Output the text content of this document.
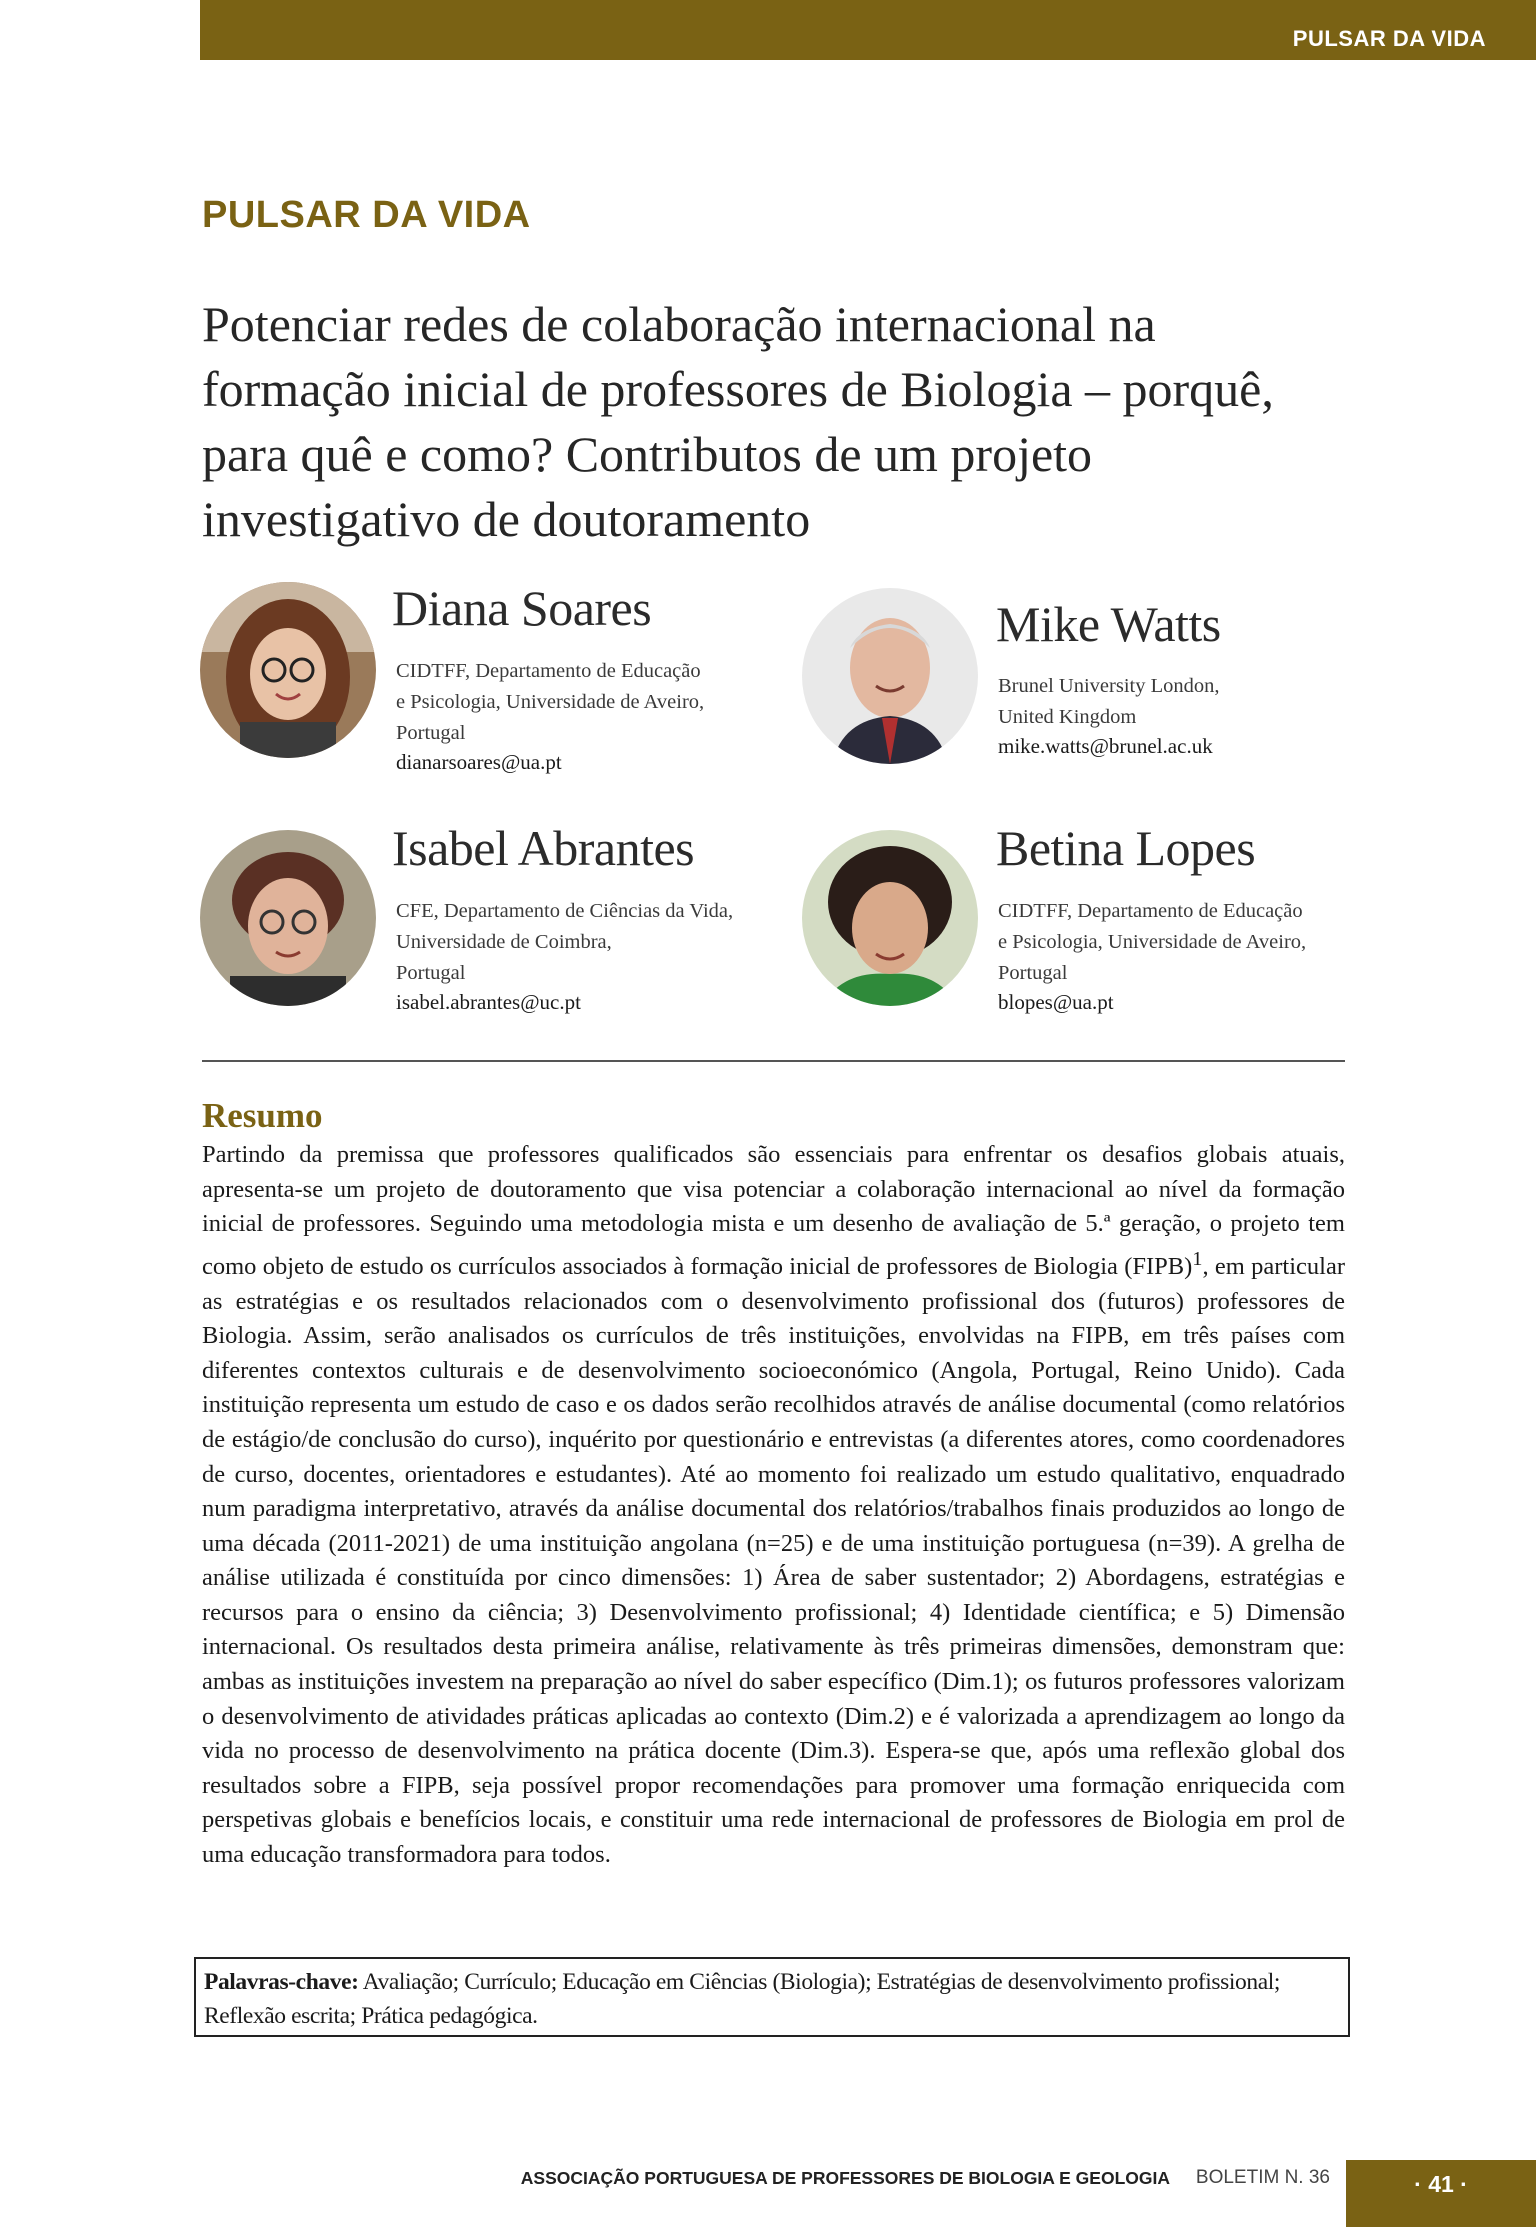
PULSAR DA VIDA
PULSAR DA VIDA
Potenciar redes de colaboração internacional na formação inicial de professores de Biologia – porquê, para quê e como? Contributos de um projeto investigativo de doutoramento
Diana Soares
CIDTFF, Departamento de Educação
e Psicologia, Universidade de Aveiro,
Portugal
dianarsoares@ua.pt
Mike Watts
Brunel University London,
United Kingdom
mike.watts@brunel.ac.uk
Isabel Abrantes
CFE, Departamento de Ciências da Vida,
Universidade de Coimbra,
Portugal
isabel.abrantes@uc.pt
Betina Lopes
CIDTFF, Departamento de Educação
e Psicologia, Universidade de Aveiro,
Portugal
blopes@ua.pt
Resumo

Partindo da premissa que professores qualificados são essenciais para enfrentar os desafios globais atuais, apresenta-se um projeto de doutoramento que visa potenciar a colaboração internacional ao nível da formação inicial de professores. Seguindo uma metodologia mista e um desenho de avaliação de 5.ª geração, o projeto tem como objeto de estudo os currículos associados à formação inicial de professores de Biologia (FIPB)$^1$, em particular as estratégias e os resultados relacionados com o desenvolvimento profissional dos (futuros) professores de Biologia. Assim, serão analisados os currículos de três instituições, envolvidas na FIPB, em três países com diferentes contextos culturais e de desenvolvimento socioeconómico (Angola, Portugal, Reino Unido). Cada instituição representa um estudo de caso e os dados serão recolhidos através de análise documental (como relatórios de estágio/de conclusão do curso), inquérito por questionário e entrevistas (a diferentes atores, como coordenadores de curso, docentes, orientadores e estudantes). Até ao momento foi realizado um estudo qualitativo, enquadrado num paradigma interpretativo, através da análise documental dos relatórios/trabalhos finais produzidos ao longo de uma década (2011-2021) de uma instituição angolana (n=25) e de uma instituição portuguesa (n=39). A grelha de análise utilizada é constituída por cinco dimensões: 1) Área de saber sustentador; 2) Abordagens, estratégias e recursos para o ensino da ciência; 3) Desenvolvimento profissional; 4) Identidade científica; e 5) Dimensão internacional. Os resultados desta primeira análise, relativamente às três primeiras dimensões, demonstram que: ambas as instituições investem na preparação ao nível do saber específico (Dim.1); os futuros professores valorizam o desenvolvimento de atividades práticas aplicadas ao contexto (Dim.2) e é valorizada a aprendizagem ao longo da vida no processo de desenvolvimento na prática docente (Dim.3). Espera-se que, após uma reflexão global dos resultados sobre a FIPB, seja possível propor recomendações para promover uma formação enriquecida com perspetivas globais e benefícios locais, e constituir uma rede internacional de professores de Biologia em prol de uma educação transformadora para todos.

Palavras-chave: Avaliação; Currículo; Educação em Ciências (Biologia); Estratégias de desenvolvimento profissional; Reflexão escrita; Prática pedagógica.
ASSOCIAÇÃO PORTUGUESA DE PROFESSORES DE BIOLOGIA E GEOLOGIA BOLETIM N. 36	· 41 ·
